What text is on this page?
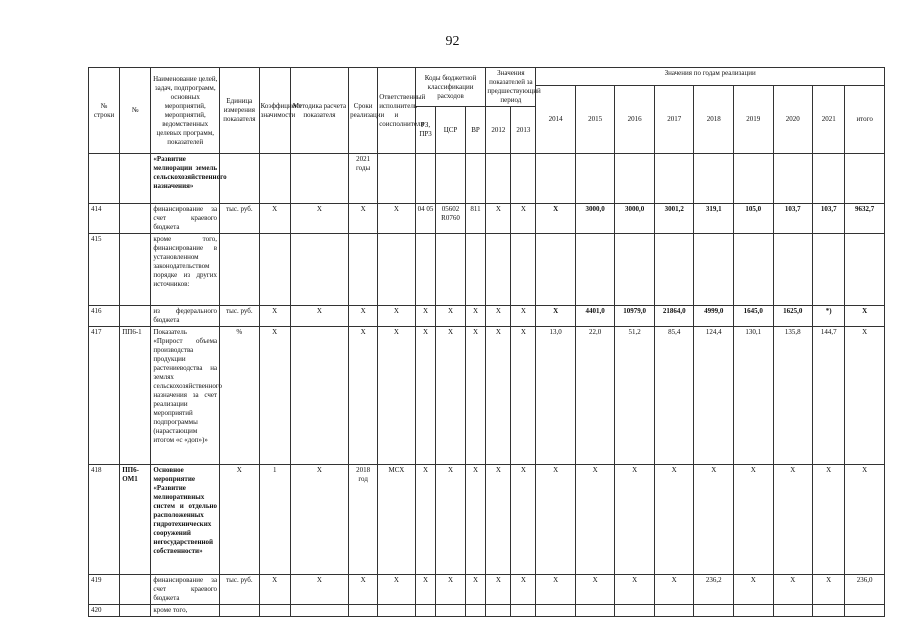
92
№ строки	№	Наименование целей, задач, подпрограмм, основных мероприятий, мероприятий, ведомственных целевых программ, показателей	Единица измерения показателя	Коэффициент значимости	Методика расчета показателя	Сроки реализации	Ответственный исполнитель и соисполнители	Коды бюджетной классификации расходов			Значения показателей за предшествующий период		Значения по годам реализации								
													2014	2015	2016	2017	2018	2019	2020	2021	итого
								РЗ, ПР3	ЦСР	ВР	2012	2013									
		«Развитие мелиорации земель сельскохозяйственного назначения»				2021 годы															
414		финансирование за счет краевого бюджета	тыс. руб.	X	X	X	X	04 05	05602 R0760	811	X	X	X	3000,0	3000,0	3001,2	319,1	105,0	103,7	103,7	9632,7
415		кроме того, финансирование в установленном законодательством порядке из других источников:																			
416		из федерального бюджета	тыс. руб.	X	X	X	X	X	X	X	X	X	X	4401,0	10979,0	21864,0	4999,0	1645,0	1625,0	*)	X
417	ПП6-1	Показатель «Прирост объема производства продукции растениеводства на землях сельскохозяйственного назначения за счет реализации мероприятий подпрограммы (нарастающим итогом «с «доп»)»	%	X		X	X	X	X	X	X	X	13,0	22,0	51,2	85,4	124,4	130,1	135,8	144,7	X
418	ПП6-ОМ1	Основное мероприятие «Развитие мелиоративных систем и отдельно расположенных гидротехнических сооружений негосударственной собственности»	X	1	X	2018 год	МСХ	X	X	X	X	X	X	X	X	X	X	X	X	X	X
419		финансирование за счет краевого бюджета	тыс. руб.	X	X	X	X	X	X	X	X	X	X	X	X	X	236,2	X	X	X	236,0
420		кроме того,																			
